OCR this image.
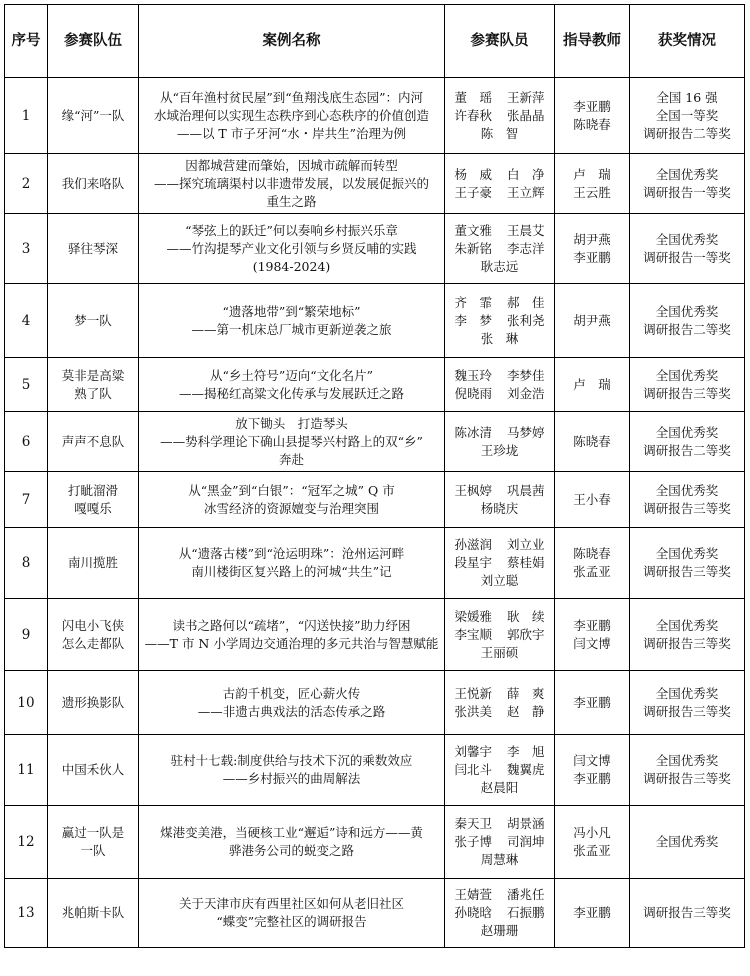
序号	参赛队伍	案例名称	参赛队员	指导教师	获奖情况
1	缘“河”一队	从“百年渔村贫民屋”到“鱼翔浅底生态园”：内河
水域治理何以实现生态秩序到心态秩序的价值创造
——以 T 市子牙河“水・岸共生”治理为例	董　瑶 王新萍
许春秋 张晶晶
陈　智	李亚鹏
陈晓春	全国 16 强
全国一等奖
调研报告二等奖

2	我们来咯队	因都城营建而肇始，因城市疏解而转型
——探究琉璃渠村以非遗带发展，以发展促振兴的
重生之路	杨　威 白　净
王子豪 王立辉	卢　瑞
王云胜	全国优秀奖
调研报告一等奖

3	驿往琴深	“琴弦上的跃迁”何以奏响乡村振兴乐章
——竹沟提琴产业文化引领与乡贤反哺的实践
(1984-2024)	董文雅 王晨艾
朱新铭 李志洋
耿志远	胡尹燕
李亚鹏	全国优秀奖
调研报告一等奖

4	梦一队	“遗落地带”到“繁荣地标”
——第一机床总厂城市更新逆袭之旅	齐　霏 郝　佳
李　梦 张利尧
张　琳	胡尹燕	全国优秀奖
调研报告二等奖

5	莫非是高粱
熟了队	从“乡土符号”迈向“文化名片”
——揭秘红高粱文化传承与发展跃迁之路	魏玉玲 李梦佳
倪晓雨 刘金浩	卢　瑞	全国优秀奖
调研报告三等奖

6	声声不息队	放下锄头　打造琴头
——势科学理论下确山县提琴兴村路上的双“乡”
奔赴	陈冰清 马梦婷
王珍垅	陈晓春	全国优秀奖
调研报告二等奖

7	打眦溜滑
嘎嘎乐	从“黑金”到“白银”：“冠军之城” Q 市
冰雪经济的资源嬗变与治理突围	王枫婷 巩晨茜
杨晓庆	王小春	全国优秀奖
调研报告三等奖

8	南川揽胜	从“遗落古楼”到“沧运明珠”：沧州运河畔
南川楼街区复兴路上的河城“共生”记	孙滋润 刘立业
段星宇 蔡桂娟
刘立聪	陈晓春
张孟亚	全国优秀奖
调研报告三等奖

9	闪电小飞侠
怎么走都队	读书之路何以“疏堵”，“闪送快接”助力纾困
——T 市 N 小学周边交通治理的多元共治与智慧赋能	梁媛雅 耿　续
李宝顺 郭欣宇
王丽硕	李亚鹏
闫文博	全国优秀奖
调研报告三等奖

10	遗形换影队	古韵千机变，匠心薪火传
——非遗古典戏法的活态传承之路	王悦新 薛　爽
张洪美 赵　静	李亚鹏	全国优秀奖
调研报告三等奖

11	中国禾伙人	驻村十七载:制度供给与技术下沉的乘数效应
——乡村振兴的曲周解法	刘馨宇 李　旭
闫北斗 魏翼虎
赵晨阳	闫文博
李亚鹏	全国优秀奖
调研报告三等奖

12	赢过一队是
一队	煤港变美港，当硬核工业“邂逅”诗和远方——黄
骅港务公司的蜕变之路	秦天卫 胡景涵
张子博 司润坤
周慧琳	冯小凡
张孟亚	全国优秀奖

13	兆帕斯卡队	关于天津市庆有西里社区如何从老旧社区
“蝶变”完整社区的调研报告	王婧萱 潘兆任
孙晓晗 石振鹏
赵珊珊	李亚鹏	调研报告三等奖
